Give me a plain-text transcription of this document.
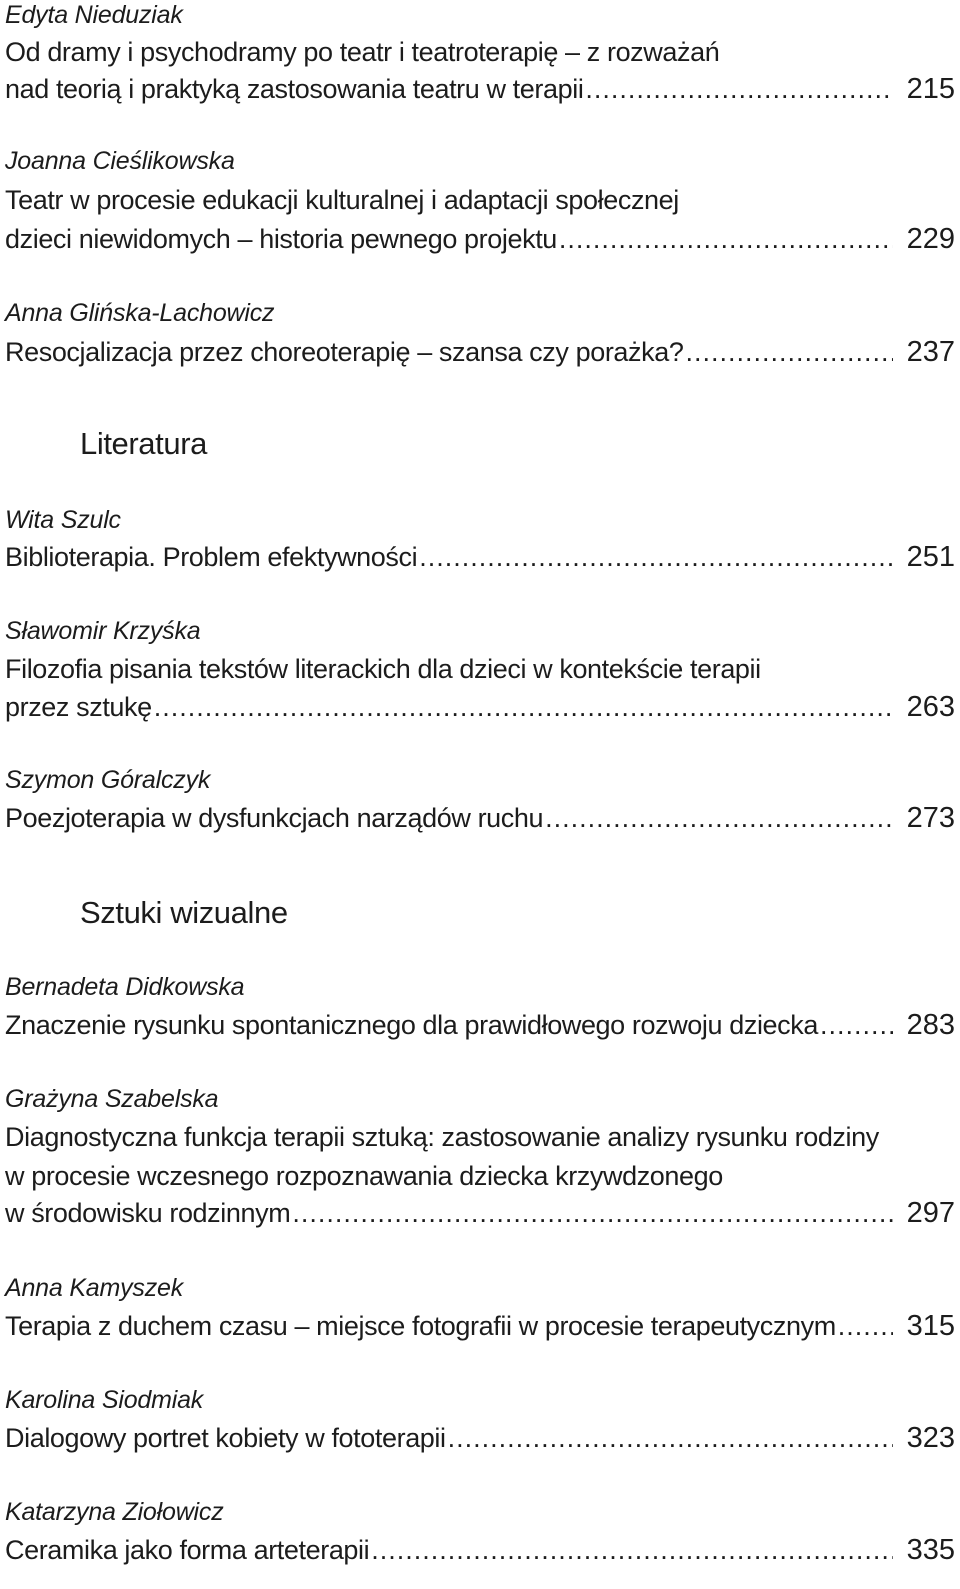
Edyta Nieduziak
Od dramy i psychodramy po teatr i teatroterapię – z rozważań
nad teorią i praktyką zastosowania teatru w terapii .....	215
Joanna Cieślikowska
Teatr w procesie edukacji kulturalnej i adaptacji społecznej
dzieci niewidomych – historia pewnego projektu .....	229
Anna Glińska-Lachowicz
Resocjalizacja przez choreoterapię – szansa czy porażka? .....	237
Literatura
Wita Szulc
Biblioterapia. Problem efektywności .....	251
Sławomir Krzyśka
Filozofia pisania tekstów literackich dla dzieci w kontekście terapii
przez sztukę .....	263
Szymon Góralczyk
Poezjoterapia w dysfunkcjach narządów ruchu .....	273
Sztuki wizualne
Bernadeta Didkowska
Znaczenie rysunku spontanicznego dla prawidłowego rozwoju dziecka .....	283
Grażyna Szabelska
Diagnostyczna funkcja terapii sztuką: zastosowanie analizy rysunku rodziny
w procesie wczesnego rozpoznawania dziecka krzywdzonego
w środowisku rodzinnym .....	297
Anna Kamyszek
Terapia z duchem czasu – miejsce fotografii w procesie terapeutycznym ..... 315
Karolina Siodmiak
Dialogowy portret kobiety w fototerapii .....	323
Katarzyna Ziołowicz
Ceramika jako forma arteterapii .....	335
